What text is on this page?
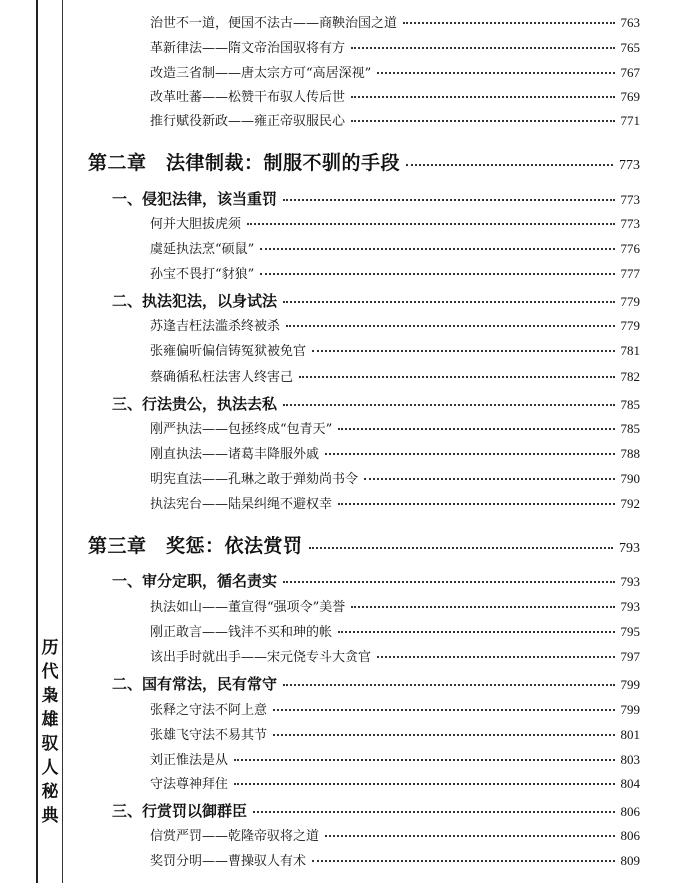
历
代
枭
雄
驭
人
秘
典
治世不一道，便国不法古——商鞅治国之道	763
革新律法——隋文帝治国驭将有方	765
改造三省制——唐太宗方可“高居深视”	767
改革吐蕃——松赞干布驭人传后世	769
推行赋役新政——雍正帝驭服民心	771
第二章　法律制裁：制服不驯的手段	773
一、侵犯法律，该当重罚	773
何并大胆拔虎须	773
虞延执法烹“硕鼠”	776
孙宝不畏打“豺狼”	777
二、执法犯法，以身试法	779
苏逢吉枉法滥杀终被杀	779
张雍偏听偏信铸冤狱被免官	781
蔡确循私枉法害人终害己	782
三、行法贵公，执法去私	785
刚严执法——包拯终成“包青天”	785
刚直执法——诸葛丰降服外戚	788
明宪直法——孔琳之敢于弹劾尚书令	790
执法宪台——陆杲纠绳不避权幸	792
第三章　奖惩：依法赏罚	793
一、审分定职，循名责实	793
执法如山——董宣得“强项令”美誉	793
刚正敢言——钱沣不买和珅的帐	795
该出手时就出手——宋元侥专斗大贪官	797
二、国有常法，民有常守	799
张释之守法不阿上意	799
张雄飞守法不易其节	801
刘正惟法是从	803
守法尊神拜住	804
三、行赏罚以御群臣	806
信赏严罚——乾隆帝驭将之道	806
奖罚分明——曹操驭人有术	809
